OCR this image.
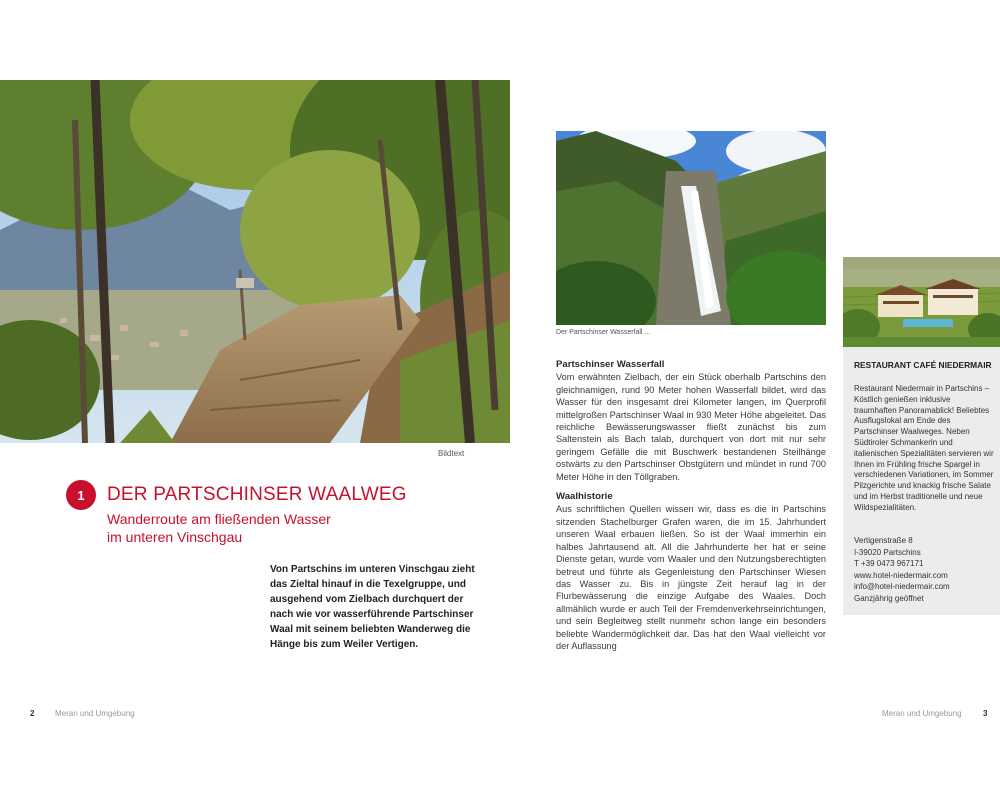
Bildtext
1	DER PARTSCHINSER WAALWEG
Wanderroute am fließenden Wasser
im unteren Vinschgau
Von Partschins im unteren Vinschgau zieht das Zieltal hinauf in die Texelgruppe, und ausgehend vom Zielbach durchquert der nach wie vor wasserführende Partschinser Waal mit seinem beliebten Wanderweg die Hänge bis zum Weiler Vertigen.
2	Meran und Umgebung
Der Partschinser Wasserfall ...
Partschinser Wasserfall

Vom erwähnten Zielbach, der ein Stück oberhalb Partschins den gleichnamigen, rund 90 Meter hohen Wasserfall bildet, wird das Wasser für den insgesamt drei Kilometer langen, im Querprofil mittelgroßen Partschinser Waal in 930 Meter Höhe abgeleitet. Das reichliche Bewässerungswasser fließt zunächst bis zum Saltenstein als Bach talab, durchquert von dort mit nur sehr geringem Gefälle die mit Buschwerk bestandenen Steilhänge ostwärts zu den Partschinser Obstgütern und mündet in rund 700 Meter Höhe in den Töllgraben.

Waalhistorie

Aus schriftlichen Quellen wissen wir, dass es die in Partschins sitzenden Stachelburger Grafen waren, die im 15. Jahrhundert unseren Waal erbauen ließen. So ist der Waal immerhin ein halbes Jahrtausend alt. All die Jahrhunderte her hat er seine Dienste getan, wurde vom Waaler und den Nutzungsberechtigten betreut und führte als Gegenleistung den Partschinser Wiesen das Wasser zu. Bis in jüngste Zeit herauf lag in der Flurbewässerung die einzige Aufgabe des Waales. Doch allmählich wurde er auch Teil der Fremdenverkehrseinrichtungen, und sein Begleitweg stellt nunmehr schon lange ein besonders beliebte Wandermöglichkeit dar. Das hat den Waal vielleicht vor der Auflassung

RESTAURANT CAFÉ NIEDERMAIR
Restaurant Niedermair in Partschins – Köstlich genießen inklusive traumhaften Panoramablick! Beliebtes Ausflugslokal am Ende des Partschinser Waalweges. Neben Südtiroler Schmankerln und italienischen Spezialitäten servieren wir Ihnen im Frühling frische Spargel in verschiedenen Variationen, im Sommer Pilzgerichte und knackig frische Salate und im Herbst traditionelle und neue Wildspezialitäten.
Vertigenstraße 8
I-39020 Partschins
T +39 0473 967171
www.hotel-niedermair.com
info@hotel-niedermair.com
Ganzjährig geöffnet
Meran und Umgebung	3
